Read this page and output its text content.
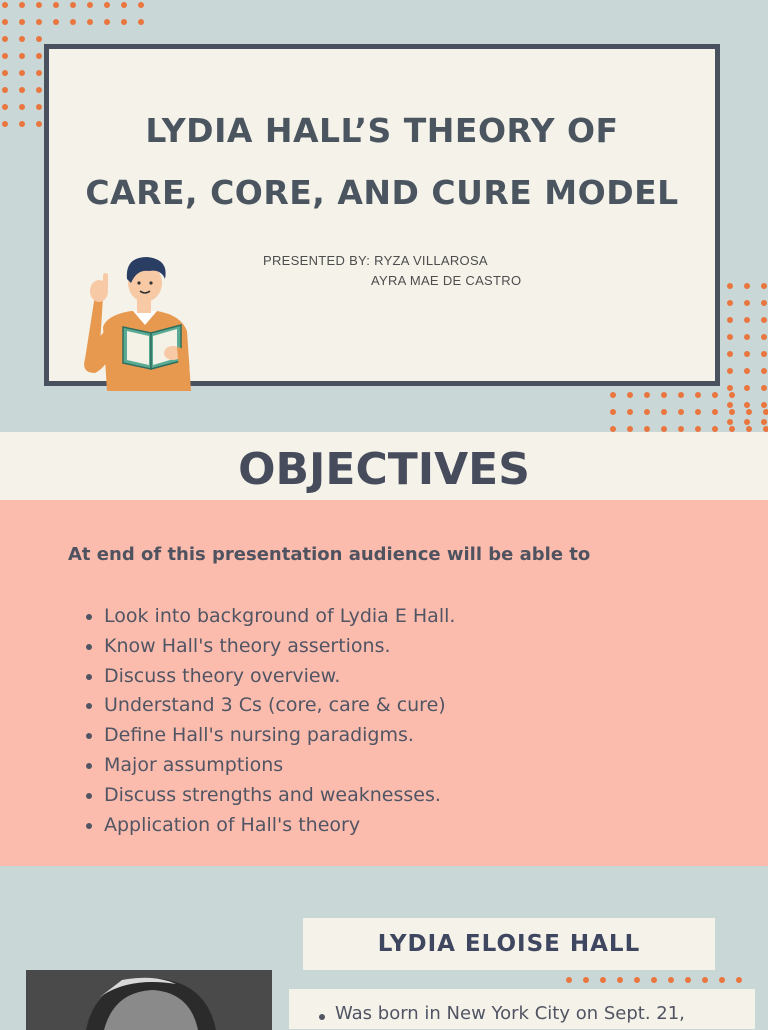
LYDIA HALL’S THEORY OF
CARE, CORE, AND CURE MODEL
PRESENTED BY: RYZA VILLAROSA
AYRA MAE DE CASTRO
OBJECTIVES
At end of this presentation audience will be able to
Look into background of Lydia E Hall.
Know Hall's theory assertions.
Discuss theory overview.
Understand 3 Cs (core, care & cure)
Define Hall's nursing paradigms.
Major assumptions
Discuss strengths and weaknesses.
Application of Hall's theory
LYDIA ELOISE HALL
Was born in New York City on Sept. 21,
